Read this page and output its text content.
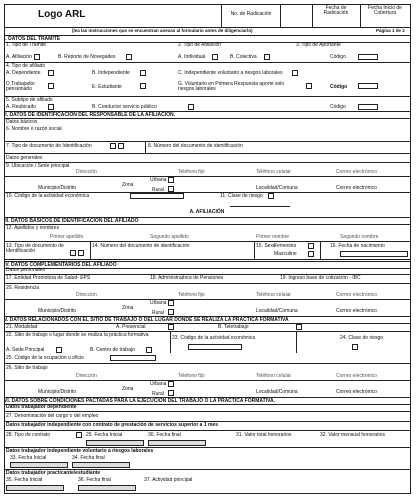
Logo ARL	No. de Radicación
Fecha de Radicación
Fecha Inicio de Cobertura
(lea las instrucciones que se encuentran anexas al formulario antes de diligenciarlo)	Página 1 de 2
I. DATOS DEL TRÁMITE
1. Tipo de Trámite	2. Tipo de Afiliación	3. Tipo de Aportante
A. Afiliación	B. Reporte de Novegades	A. Individual	B. Colectiva	Código
4. Tipo de afiliado
A. Dependiente	B. Independiente	C. Independiente voluntario a riesgos laborales
D.Trabajador pensionado	E. Estudiante	G. Voluntario en Primera Respuesta aporte solo riesgos laborales	Código
5. Subtipo de afiliado
A. Reubicado	B. Conductor servicio público	Código
II. DATOS DE IDENTIFICACIÓN DEL RESPONSABLE DE LA AFILIACIÓN.
Datos básicos
6. Nombre o razón social
7. Tipo de documento de Identificación	8. Número del documento de identificación
Datos generales
9. Ubicación / Sede principal
Dirección	Teléfono fijo	Teléfono celular	Correo electrónico
Urbana
Zona
Rural
Municipio/Distrito	Localidad/Comuna	Correo electrónico
10. Código de la actividad económica	11. Clase de riesgo
III. DATOS BÁSICOS DE IDENTIFICACIÓN DEL AFILIADO
12. Apellidos y nombres
Primer apellido	Segundo apellido	Primer nombre	Segundo nombre
13. Tipo de documento de Identificación
14. Número del documento de identificación	15. Sexo
Femenino
Masculino
16. Fecha de nacimiento
A. AFILIACIÓN
IV. DATOS COMPLEMENTARIOS DEL AFILIADO
Datos personales
17. Entidad Promotora de Salud- EPS	18. Administradora de Pensiones	19. Ingreso base de cotización - IBC
20. Residencia
Dirección	Teléfono fijo	Teléfono celular	Correo electrónico
Urbana
Zona
Rural
Municipio/Distrito	Localidad/Comuna	Correo electrónico
V. DATOS RELACIONADOS CON EL SITIO DE TRABAJO O DEL LUGAR DONDE SE REALIZA LA PRÁCTICA FORMATIVA
21. Modalidad	A. Presencial	B. Teletrabajo
22. Sitio de trabajo o lugar donde se realiza la práctica formativa	23. Código de la actividad económica	24. Clase de riesgo
A. Sede Principal	B. Centro de trabajo
25. Código de la ocupación u oficio
26. Sitio de trabajo
Dirección	Teléfono fijo	Teléfono celular	Correo electrónico
Urbana
Zona
Rural
Municipio/Distrito	Localidad/Comuna	Correo electrónico
VI. DATOS SOBRE CONDICIONES PACTADAS PARA LA EJECUCIÓN DEL TRABAJO O LA PRÁCTICA FORMATIVA.
Datos trabajador dependiente
27. Denominación del cargo o del empleo
Datos trabajador independiente con contrato de prestación de servicios superior a 1 mes
28. Tipo de contrato	29. Fecha Inicial	30. Fecha final	31. Valor total honorarios	32. Valor mensual honorarios
Datos trabajador independiente voluntario a riesgos laborales
33. Fecha Inicial	34. Fecha final
Datos trabajador practicante/estudiante
35. Fecha Inicial	36. Fecha final	37. Actividad principal
